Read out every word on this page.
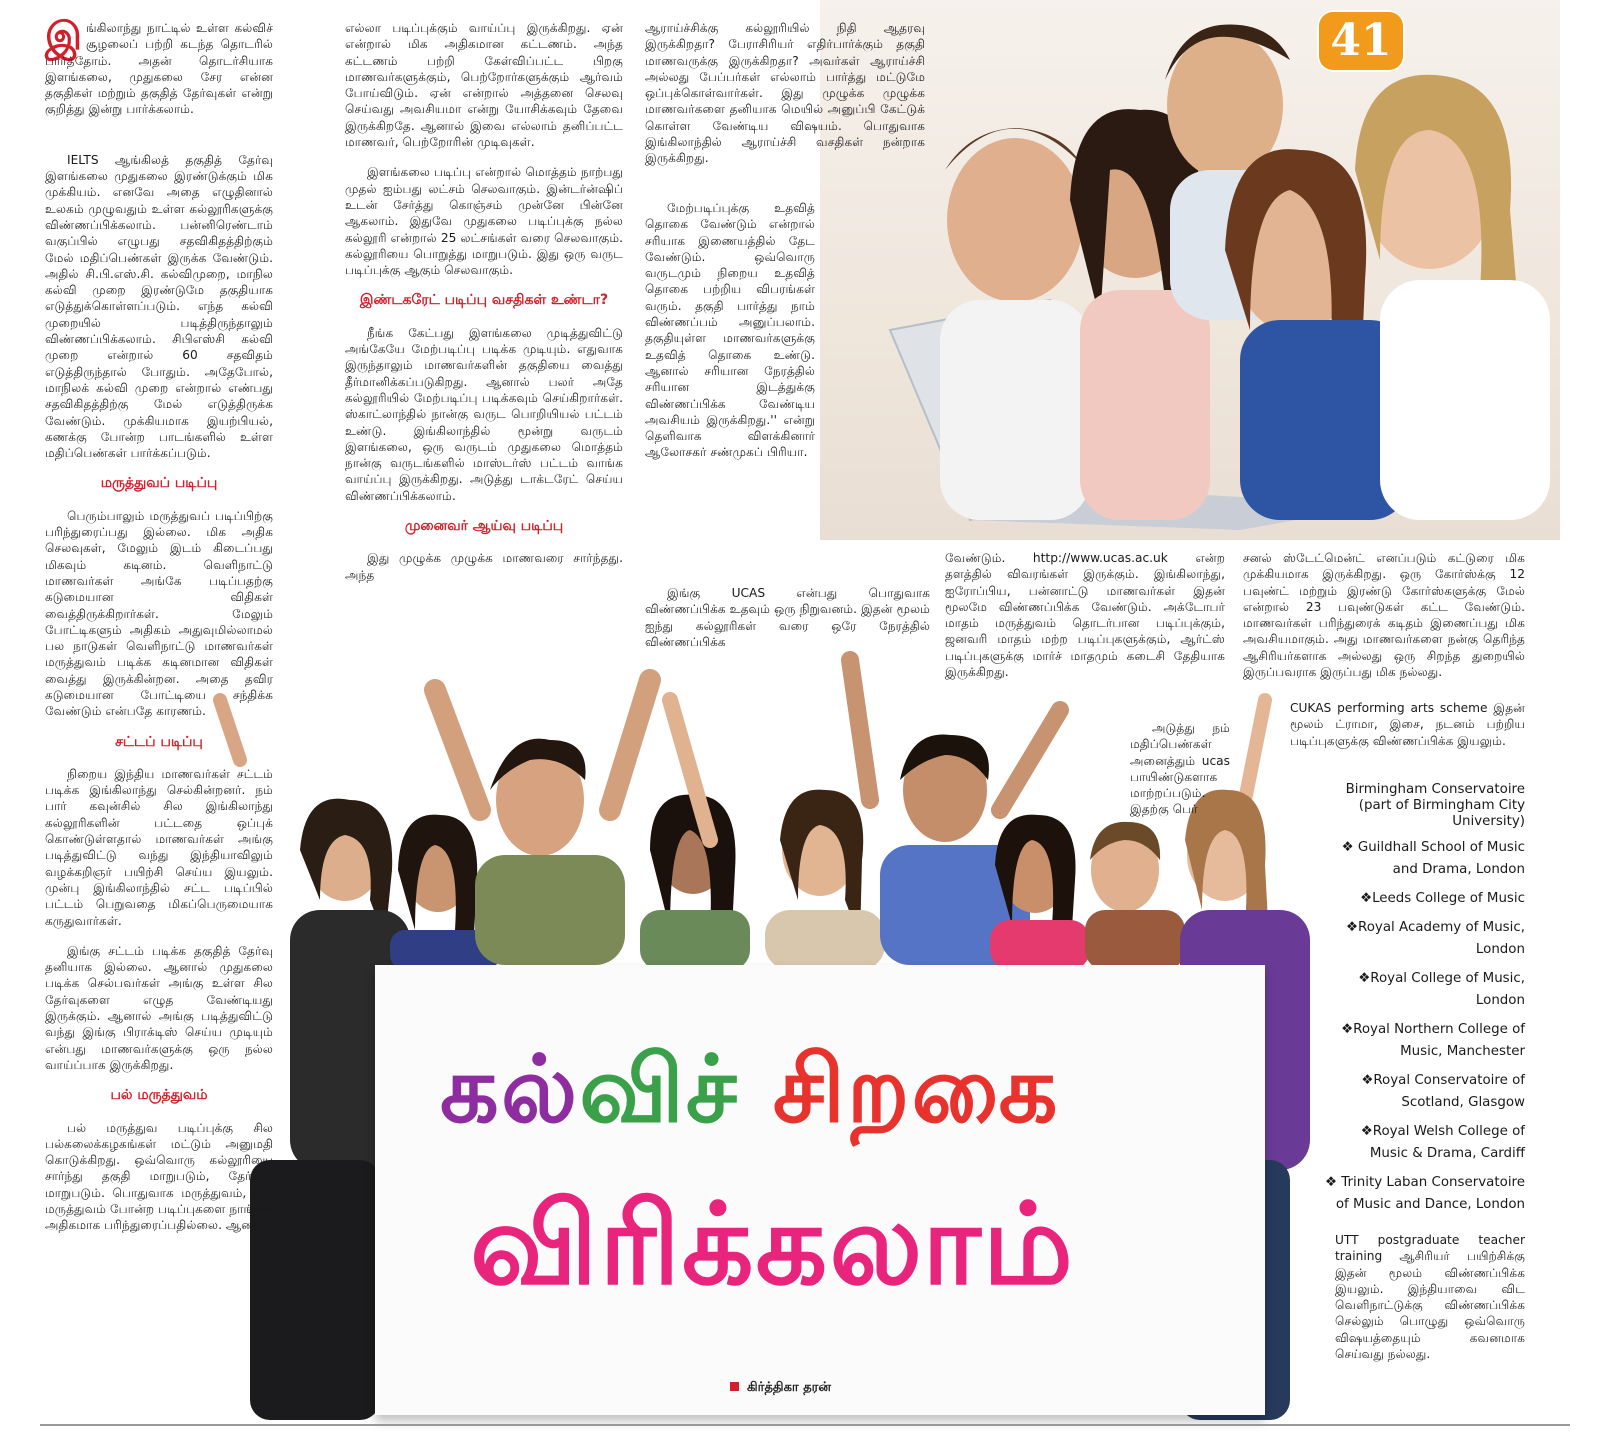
41
கல்விச் சிறகை
விரிக்கலாம்
கிர்த்திகா தரன்

இங்கிலாந்து நாட்டில் உள்ள கல்விச் சூழலைப் பற்றி கடந்த தொடரில் பார்த்தோம். அதன் தொடர்சியாக இளங்கலை, முதுகலை சேர என்ன தகுதிகள் மற்றும் தகுதித் தேர்வுகள் என்று குறித்து இன்று பார்க்கலாம்.

IELTS ஆங்கிலத் தகுதித் தேர்வு இளங்கலை முதுகலை இரண்டுக்கும் மிக முக்கியம். எனவே அதை எழுதினால் உலகம் முழுவதும் உள்ள கல்லூரிகளுக்கு விண்ணப்பிக்கலாம். பன்னிரெண்டாம் வகுப்பில் எழுபது சதவிகிதத்திற்கும் மேல் மதிப்பெண்கள் இருக்க வேண்டும். அதில் சி.பி.எஸ்.சி. கல்விமுறை, மாநில கல்வி முறை இரண்டுமே தகுதியாக எடுத்துக்கொள்ளப்படும். எந்த கல்வி முறையில் படித்திருந்தாலும் விண்ணப்பிக்கலாம். சிபிஎஸ்சி கல்வி முறை என்றால் 60 சதவிதம் எடுத்திருந்தால் போதும். அதேபோல், மாநிலக் கல்வி முறை என்றால் எண்பது சதவிகிதத்திற்கு மேல் எடுத்திருக்க வேண்டும். முக்கியமாக இயற்பியல், கணக்கு போன்ற பாடங்களில் உள்ள மதிப்பெண்கள் பார்க்கப்படும்.

மருத்துவப் படிப்பு

பெரும்பாலும் மருத்துவப் படிப்பிற்கு பரிந்துரைப்பது இல்லை. மிக அதிக செலவுகள், மேலும் இடம் கிடைப்பது மிகவும் கடினம். வெளிநாட்டு மாணவர்கள் அங்கே படிப்பதற்கு கடுமையான விதிகள் வைத்திருக்கிறார்கள். மேலும் போட்டிகளும் அதிகம் அதுவுமில்லாமல் பல நாடுகள் வெளிநாட்டு மாணவர்கள் மருத்துவம் படிக்க கடினமான விதிகள் வைத்து இருக்கின்றன. அதை தவிர கடுமையான போட்டியை சந்திக்க வேண்டும் என்பதே காரணம்.

சட்டப் படிப்பு

நிறைய இந்திய மாணவர்கள் சட்டம் படிக்க இங்கிலாந்து செல்கின்றனர். நம் பார் கவுன்சில் சில இங்கிலாந்து கல்லூரிகளின் பட்டதை ஒப்புக் கொண்டுள்ளதால் மாணவர்கள் அங்கு படித்துவிட்டு வந்து இந்தியாவிலும் வழக்கறிஞர் பயிற்சி செய்ய இயலும். முன்பு இங்கிலாந்தில் சட்ட படிப்பில் பட்டம் பெறுவதை மிகப்பெருமையாக கருதுவார்கள்.

இங்கு சட்டம் படிக்க தகுதித் தேர்வு தனியாக இல்லை. ஆனால் முதுகலை படிக்க செல்பவர்கள் அங்கு உள்ள சில தேர்வுகளை எழுத வேண்டியது இருக்கும். ஆனால் அங்கு படித்துவிட்டு வந்து இங்கு பிராக்டிஸ் செய்ய முடியும் என்பது மாணவர்களுக்கு ஒரு நல்ல வாய்ப்பாக இருக்கிறது.

பல் மருத்துவம்

பல் மருத்துவ படிப்புக்கு சில பல்கலைக்கழகங்கள் மட்டும் அனுமதி கொடுக்கிறது. ஒவ்வொரு கல்லூரியை சார்ந்து தகுதி மாறுபடும், தேர்வும் மாறுபடும். பொதுவாக மருத்துவம், பல் மருத்துவம் போன்ற படிப்புகளை நாங்கள் அதிகமாக பரிந்துரைப்பதில்லை. ஆனால்

எல்லா படிப்புக்கும் வாய்ப்பு இருக்கிறது. ஏன் என்றால் மிக அதிகமான கட்டணம். அந்த கட்டணம் பற்றி கேள்விப்பட்ட பிறகு மாணவர்களுக்கும், பெற்றோர்களுக்கும் ஆர்வம் போய்விடும். ஏன் என்றால் அத்தனை செலவு செய்வது அவசியமா என்று யோசிக்கவும் தேவை இருக்கிறதே. ஆனால் இவை எல்லாம் தனிப்பட்ட மாணவர், பெற்றோரின் முடிவுகள்.

இளங்கலை படிப்பு என்றால் மொத்தம் நாற்பது முதல் ஐம்பது லட்சம் செலவாகும். இன்டர்ன்ஷிப் உடன் சேர்த்து கொஞ்சம் முன்னே பின்னே ஆகலாம். இதுவே முதுகலை படிப்புக்கு நல்ல கல்லூரி என்றால் 25 லட்சங்கள் வரை செலவாகும். கல்லூரியை பொறுத்து மாறுபடும். இது ஒரு வருட படிப்புக்கு ஆகும் செலவாகும்.

இண்டகரேட் படிப்பு வசதிகள் உண்டா?

நீங்க கேட்பது இளங்கலை முடித்துவிட்டு அங்கேயே மேற்படிப்பு படிக்க முடியும். எதுவாக இருந்தாலும் மாணவர்களின் தகுதியை வைத்து தீர்மானிக்கப்படுகிறது. ஆனால் பலர் அதே கல்லூரியில் மேற்படிப்பு படிக்கவும் செய்கிறார்கள். ஸ்காட்லாந்தில் நான்கு வருட பொறியியல் பட்டம் உண்டு. இங்கிலாந்தில் மூன்று வருடம் இளங்கலை, ஒரு வருடம் முதுகலை மொத்தம் நான்கு வருடங்களில் மாஸ்டர்ஸ் பட்டம் வாங்க வாய்ப்பு இருக்கிறது. அடுத்து டாக்டரேட் செய்ய விண்ணப்பிக்கலாம்.

முனைவர் ஆய்வு படிப்பு

இது முழுக்க முழுக்க மாணவரை சார்ந்தது. அந்த

ஆராய்ச்சிக்கு கல்லூரியில் நிதி ஆதரவு இருக்கிறதா? பேராசிரியர் எதிர்பார்க்கும் தகுதி மாணவருக்கு இருக்கிறதா? அவர்கள் ஆராய்ச்சி அல்லது பேப்பர்கள் எல்லாம் பார்த்து மட்டுமே ஒப்புக்கொள்வார்கள். இது முழுக்க முழுக்க மாணவர்களை தனியாக மெயில் அனுப்பி கேட்டுக் கொள்ள வேண்டிய விஷயம். பொதுவாக இங்கிலாந்தில் ஆராய்ச்சி வசதிகள் நன்றாக இருக்கிறது.

மேற்படிப்புக்கு உதவித் தொகை வேண்டும் என்றால் சரியாக இணையத்தில் தேட வேண்டும். ஒவ்வொரு வருடமும் நிறைய உதவித் தொகை பற்றிய விபரங்கள் வரும். தகுதி பார்த்து நாம் விண்ணப்பம் அனுப்பலாம். தகுதியுள்ள மாணவர்களுக்கு உதவித் தொகை உண்டு. ஆனால் சரியான நேரத்தில் சரியான இடத்துக்கு விண்ணப்பிக்க வேண்டிய அவசியம் இருக்கிறது.'' என்று தெளிவாக விளக்கினார் ஆலோசகர் சண்முகப் பிரியா.

இங்கு UCAS என்பது பொதுவாக விண்ணப்பிக்க உதவும் ஒரு நிறுவனம். இதன் மூலம் ஐந்து கல்லூரிகள் வரை ஒரே நேரத்தில் விண்ணப்பிக்க

வேண்டும். http://www.ucas.ac.uk என்ற தளத்தில் விவரங்கள் இருக்கும். இங்கிலாந்து, ஐரோப்பிய, பன்னாட்டு மாணவர்கள் இதன் மூலமே விண்ணப்பிக்க வேண்டும். அக்டோபர் மாதம் மருத்துவம் தொடர்பான படிப்புக்கும், ஜனவரி மாதம் மற்ற படிப்புகளுக்கும், ஆர்ட்ஸ் படிப்புகளுக்கு மார்ச் மாதமும் கடைசி தேதியாக இருக்கிறது.

அடுத்து நம் மதிப்பெண்கள் அனைத்தும் ucas பாயிண்டுகளாக மாற்றப்படும். இதற்கு பெர்

சனல் ஸ்டேட்மென்ட் எனப்படும் கட்டுரை மிக முக்கியமாக இருக்கிறது. ஒரு கோர்ஸ்க்கு 12 பவுண்ட் மற்றும் இரண்டு கோர்ஸ்களுக்கு மேல் என்றால் 23 பவுண்டுகள் கட்ட வேண்டும். மாணவர்கள் பரிந்துரைக் கடிதம் இணைப்பது மிக அவசியமாகும். அது மாணவர்களை நன்கு தெரிந்த ஆசிரியர்களாக அல்லது ஒரு சிறந்த துறையில் இருப்பவராக இருப்பது மிக நல்லது.

CUKAS performing arts scheme இதன் மூலம் ட்ராமா, இசை, நடனம் பற்றிய படிப்புகளுக்கு விண்ணப்பிக்க இயலும்.

Birmingham Conservatoire (part of Birmingham City University)
❖ Guildhall School of Music and Drama, London
❖Leeds College of Music
❖Royal Academy of Music, London
❖Royal College of Music, London
❖Royal Northern College of Music, Manchester
❖Royal Conservatoire of Scotland, Glasgow
❖Royal Welsh College of Music & Drama, Cardiff
❖ Trinity Laban Conservatoire of Music and Dance, London

UTT postgraduate teacher training ஆசிரியர் பயிற்சிக்கு இதன் மூலம் விண்ணப்பிக்க இயலும். இந்தியாவை விட வெளிநாட்டுக்கு விண்ணப்பிக்க செல்லும் பொழுது ஒவ்வொரு விஷயத்தையும் கவனமாக செய்வது நல்லது.
